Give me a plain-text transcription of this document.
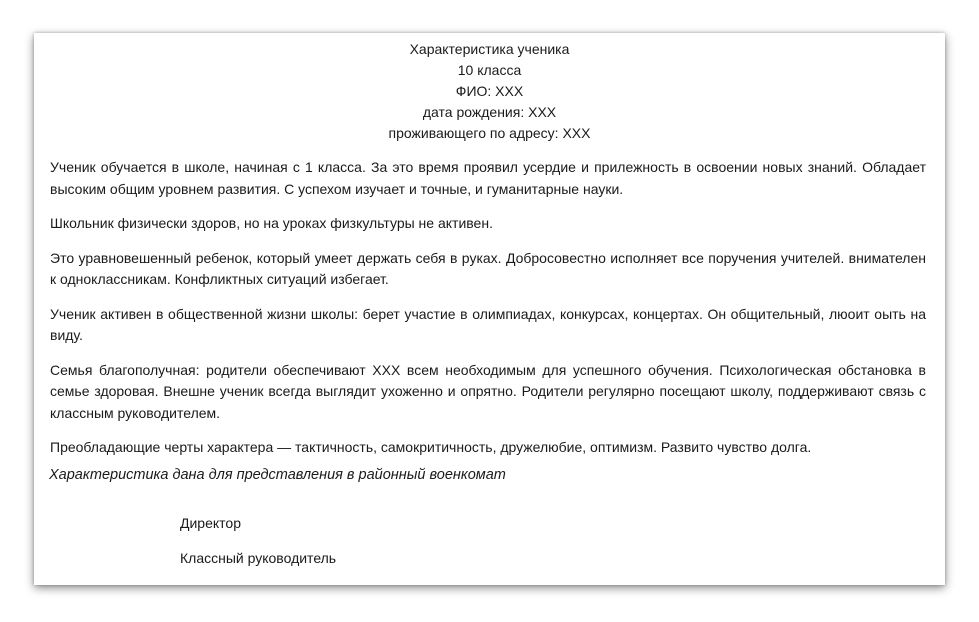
Характеристика ученика
10 класса
ФИО: ХХХ
дата рождения: ХХХ
проживающего по адресу: ХХХ

Ученик обучается в школе, начиная с 1 класса. За это время проявил усердие и прилежность в освоении новых знаний. Обладает высоким общим уровнем развития. С успехом изучает и точные, и гуманитарные науки.

Школьник физически здоров, но на уроках физкультуры не активен.

Это уравновешенный ребенок, который умеет держать себя в руках. Добросовестно исполняет все поручения учителей. внимателен к одноклассникам. Конфликтных ситуаций избегает.

Ученик активен в общественной жизни школы: берет участие в олимпиадах, конкурсах, концертах. Он общительный, люоит оыть на виду.

Семья благополучная: родители обеспечивают ХХХ всем необходимым для успешного обучения. Психологическая обстановка в семье здоровая. Внешне ученик всегда выглядит ухоженно и опрятно. Родители регулярно посещают школу, поддерживают связь с классным руководителем.

Преобладающие черты характера — тактичность, самокритичность, дружелюбие, оптимизм. Развито чувство долга.

Характеристика дана для представления в районный военкомат
Директор
Классный руководитель
